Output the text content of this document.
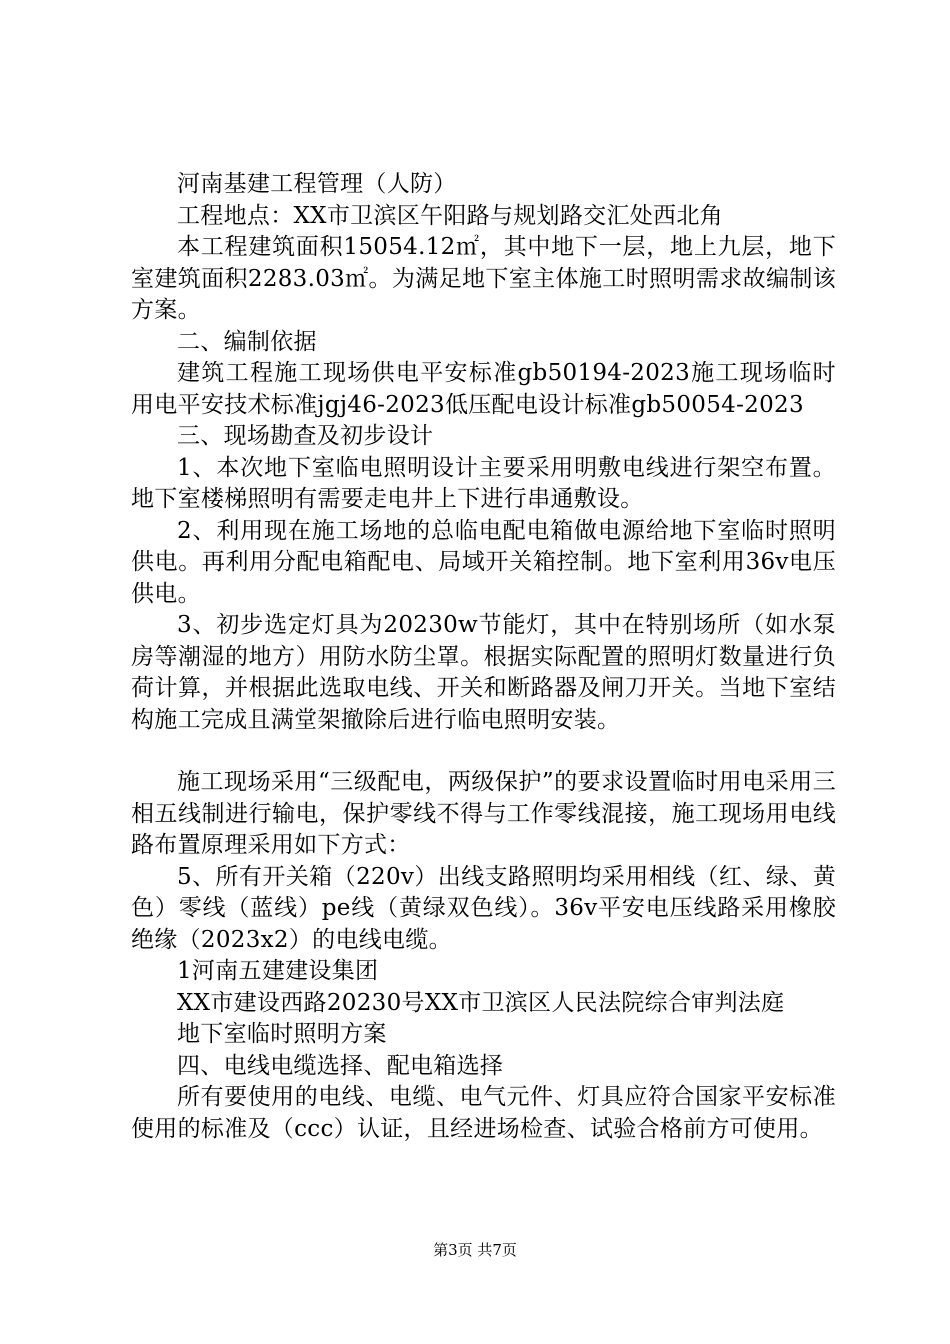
河南基建工程管理（人防）

工程地点：XX市卫滨区午阳路与规划路交汇处西北角

本工程建筑面积15054.12㎡，其中地下一层，地上九层，地下室建筑面积2283.03㎡。为满足地下室主体施工时照明需求故编制该方案。

二、编制依据

建筑工程施工现场供电平安标准gb50194-2023施工现场临时用电平安技术标准jgj46-2023低压配电设计标准gb50054-2023

三、现场勘查及初步设计

1、本次地下室临电照明设计主要采用明敷电线进行架空布置。地下室楼梯照明有需要走电井上下进行串通敷设。

2、利用现在施工场地的总临电配电箱做电源给地下室临时照明供电。再利用分配电箱配电、局域开关箱控制。地下室利用36v电压供电。

3、初步选定灯具为20230w节能灯，其中在特别场所（如水泵房等潮湿的地方）用防水防尘罩。根据实际配置的照明灯数量进行负荷计算，并根据此选取电线、开关和断路器及闸刀开关。当地下室结构施工完成且满堂架撤除后进行临电照明安装。

施工现场采用“三级配电，两级保护”的要求设置临时用电采用三相五线制进行输电，保护零线不得与工作零线混接，施工现场用电线路布置原理采用如下方式：

5、所有开关箱（220v）出线支路照明均采用相线（红、绿、黄色）零线（蓝线）pe线（黄绿双色线）。36v平安电压线路采用橡胶绝缘（2023x2）的电线电缆。

1河南五建建设集团

XX市建设西路20230号XX市卫滨区人民法院综合审判法庭

地下室临时照明方案

四、电线电缆选择、配电箱选择

所有要使用的电线、电缆、电气元件、灯具应符合国家平安标准使用的标准及（ccc）认证，且经进场检查、试验合格前方可使用。

第3页 共7页
